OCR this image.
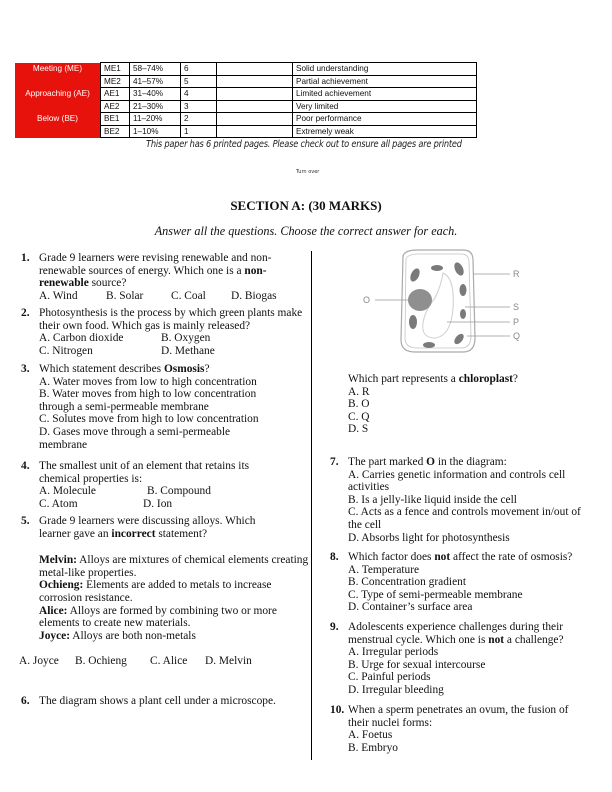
Meeting (ME)	ME1	58–74%	6		Solid understanding
	ME2	41–57%	5		Partial achievement
Approaching (AE)	AE1	31–40%	4		Limited achievement
	AE2	21–30%	3		Very limited
Below (BE)	BE1	11–20%	2		Poor performance
	BE2	1–10%	1		Extremely weak
This paper has 6 printed pages. Please check out to ensure all pages are printed
Turn over
SECTION A: (30 MARKS)
Answer all the questions. Choose the correct answer for each.
1. Grade 9 learners were revising renewable and non-renewable sources of energy. Which one is a non-renewable source?
A. Wind	B. Solar	C. Coal	D. Biogas
2. Photosynthesis is the process by which green plants make their own food. Which gas is mainly released?
A. Carbon dioxide	B. Oxygen
C. Nitrogen	D. Methane
3. Which statement describes Osmosis?
A. Water moves from low to high concentration
B. Water moves from high to low concentration through a semi-permeable membrane
C. Solutes move from high to low concentration
D. Gases move through a semi-permeable membrane
4. The smallest unit of an element that retains its chemical properties is:
A. Molecule	B. Compound
C. Atom	D. Ion
5. Grade 9 learners were discussing alloys. Which learner gave an incorrect statement?
Melvin: Alloys are mixtures of chemical elements creating metal-like properties.
Ochieng: Elements are added to metals to increase corrosion resistance.
Alice: Alloys are formed by combining two or more elements to create new materials.
Joyce: Alloys are both non-metals
A. Joyce	B. Ochieng	C. Alice	D. Melvin
6. The diagram shows a plant cell under a microscope.
O
R
S
P
Q
Which part represents a chloroplast?
A. R
B. O
C. Q
D. S
7. The part marked O in the diagram:
A. Carries genetic information and controls cell activities
B. Is a jelly-like liquid inside the cell
C. Acts as a fence and controls movement in/out of the cell
D. Absorbs light for photosynthesis
8. Which factor does not affect the rate of osmosis?
A. Temperature
B. Concentration gradient
C. Type of semi-permeable membrane
D. Container’s surface area
9. Adolescents experience challenges during their menstrual cycle. Which one is not a challenge?
A. Irregular periods
B. Urge for sexual intercourse
C. Painful periods
D. Irregular bleeding
10. When a sperm penetrates an ovum, the fusion of their nuclei forms:
A. Foetus
B. Embryo
